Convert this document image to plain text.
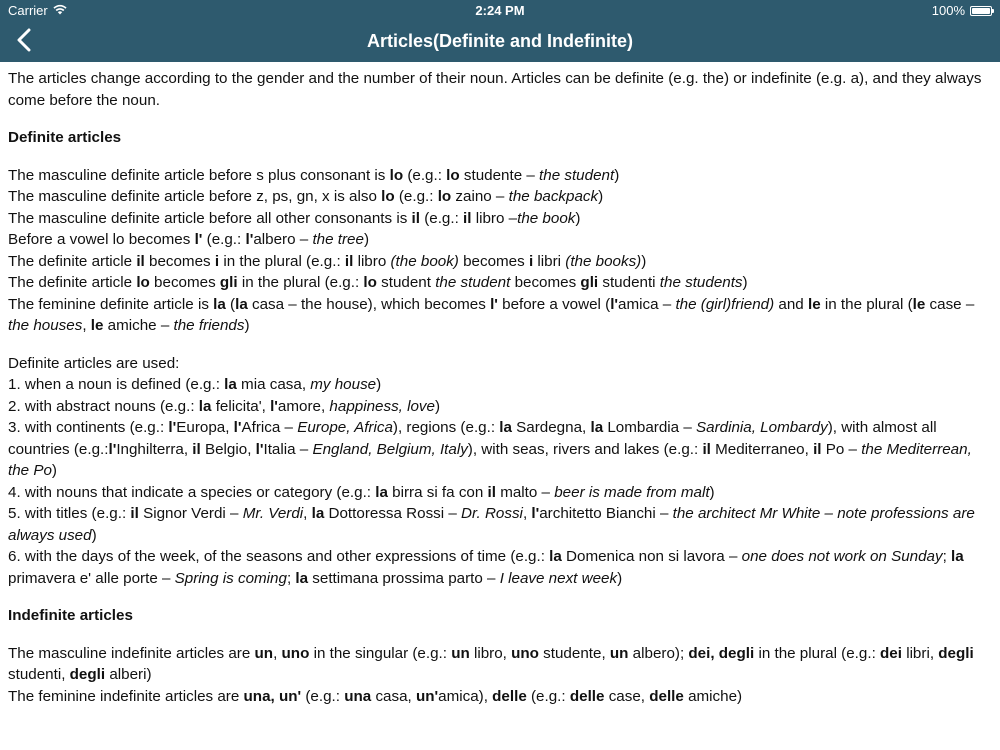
Carrier	2:24 PM	100%
Articles(Definite and Indefinite)

The articles change according to the gender and the number of their noun. Articles can be definite (e.g. the) or indefinite (e.g. a), and they always come before the noun.

Definite articles

The masculine definite article before s plus consonant is lo (e.g.: lo studente – the student)

The masculine definite article before z, ps, gn, x is also lo (e.g.: lo zaino – the backpack)

The masculine definite article before all other consonants is il (e.g.: il libro –the book)

Before a vowel lo becomes l' (e.g.: l'albero – the tree)

The definite article il becomes i in the plural (e.g.: il libro (the book) becomes i libri (the books))

The definite article lo becomes gli in the plural (e.g.: lo student the student becomes gli studenti the students)

The feminine definite article is la (la casa – the house), which becomes l' before a vowel (l'amica – the (girl)friend) and le in the plural (le case – the houses, le amiche – the friends)

Definite articles are used:

1. when a noun is defined (e.g.: la mia casa, my house)

2. with abstract nouns (e.g.: la felicita', l'amore, happiness, love)

3. with continents (e.g.: l'Europa, l'Africa – Europe, Africa), regions (e.g.: la Sardegna, la Lombardia – Sardinia, Lombardy), with almost all countries (e.g.:l'Inghilterra, il Belgio, l'Italia – England, Belgium, Italy), with seas, rivers and lakes (e.g.: il Mediterraneo, il Po – the Mediterrean, the Po)

4. with nouns that indicate a species or category (e.g.: la birra si fa con il malto – beer is made from malt)

5. with titles (e.g.: il Signor Verdi – Mr. Verdi, la Dottoressa Rossi – Dr. Rossi, l'architetto Bianchi – the architect Mr White – note professions are always used)

6. with the days of the week, of the seasons and other expressions of time (e.g.: la Domenica non si lavora – one does not work on Sunday; la primavera e' alle porte – Spring is coming; la settimana prossima parto – I leave next week)

Indefinite articles

The masculine indefinite articles are un, uno in the singular (e.g.: un libro, uno studente, un albero); dei, degli in the plural (e.g.: dei libri, degli studenti, degli alberi)

The feminine indefinite articles are una, un' (e.g.: una casa, un'amica), delle (e.g.: delle case, delle amiche)
